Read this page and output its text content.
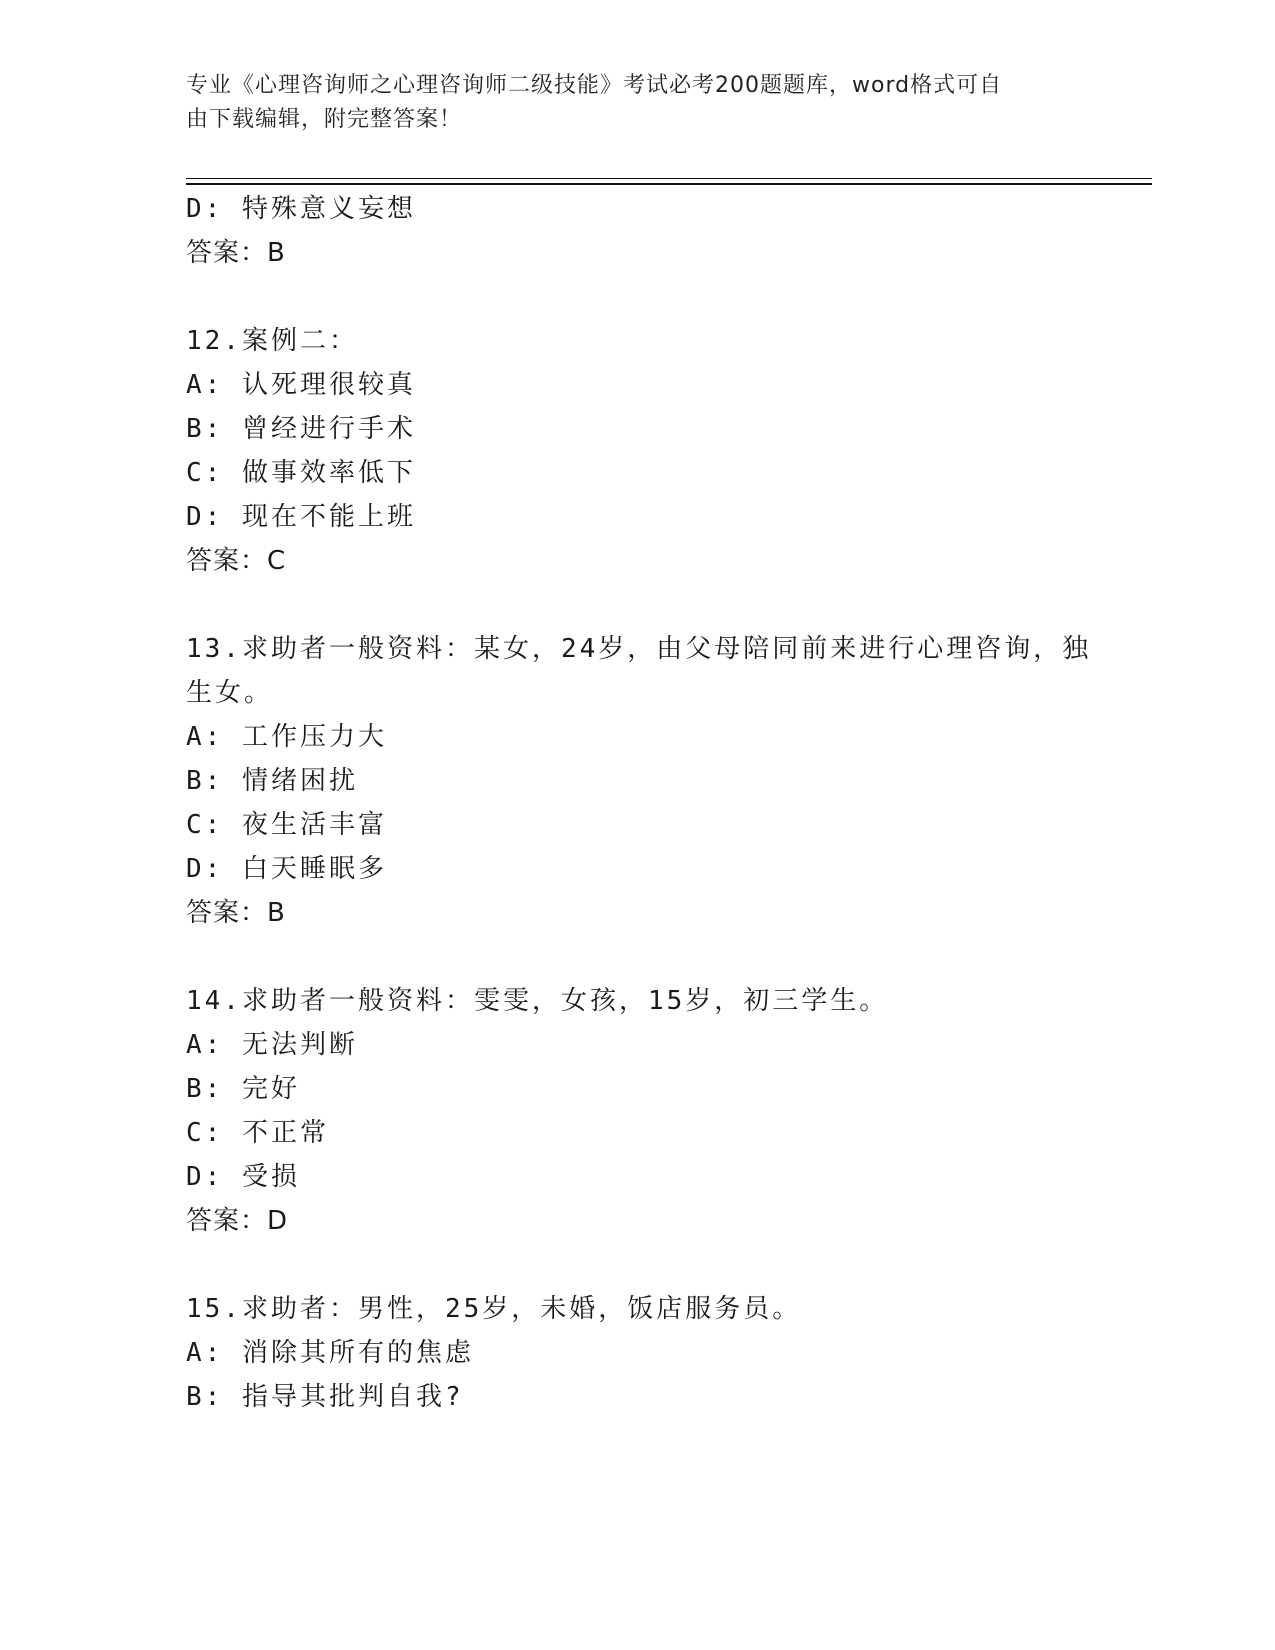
专业《心理咨询师之心理咨询师二级技能》考试必考200题题库，word格式可自
由下载编辑，附完整答案！
D: 特殊意义妄想
答案：B
12.案例二：
A: 认死理很较真
B: 曾经进行手术
C: 做事效率低下
D: 现在不能上班
答案：C
13.求助者一般资料：某女，24岁，由父母陪同前来进行心理咨询，独
生女。
A: 工作压力大
B: 情绪困扰
C: 夜生活丰富
D: 白天睡眠多
答案：B
14.求助者一般资料：雯雯，女孩，15岁，初三学生。
A: 无法判断
B: 完好
C: 不正常
D: 受损
答案：D
15.求助者：男性，25岁，未婚，饭店服务员。
A: 消除其所有的焦虑
B: 指导其批判自我?
